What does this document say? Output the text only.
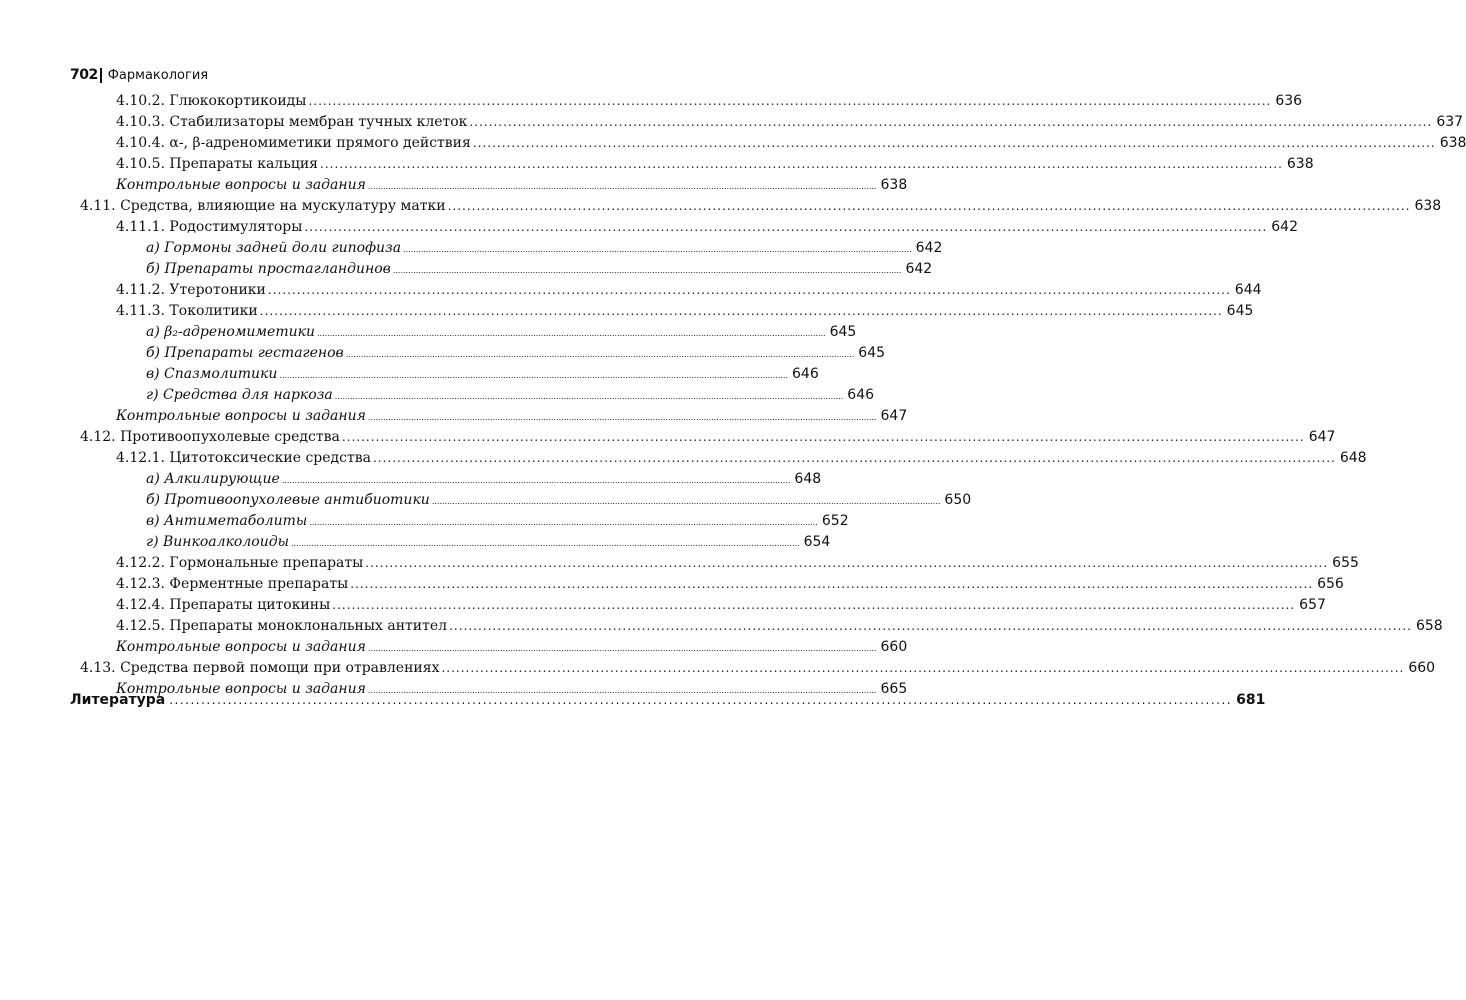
702 Фармакология
4.10.2. Глюкокортикоиды ........................................................................................................................................................................................................ 636
4.10.3. Стабилизаторы мембран тучных клеток ........................................................................................................................................................................................................ 637
4.10.4. α-, β-адреномиметики прямого действия ........................................................................................................................................................................................................ 638
4.10.5. Препараты кальция ........................................................................................................................................................................................................ 638
Контрольные вопросы и задания ........................................................................................................................................................................................................ 638
4.11. Средства, влияющие на мускулатуру матки ........................................................................................................................................................................................................ 638
4.11.1. Родостимуляторы ........................................................................................................................................................................................................ 642
а) Гормоны задней доли гипофиза ........................................................................................................................................................................................................ 642
б) Препараты простагландинов ........................................................................................................................................................................................................ 642
4.11.2. Утеротоники ........................................................................................................................................................................................................ 644
4.11.3. Токолитики ........................................................................................................................................................................................................ 645
а) β₂-адреномиметики ........................................................................................................................................................................................................ 645
б) Препараты гестагенов ........................................................................................................................................................................................................ 645
в) Спазмолитики ........................................................................................................................................................................................................ 646
г) Средства для наркоза ........................................................................................................................................................................................................ 646
Контрольные вопросы и задания ........................................................................................................................................................................................................ 647
4.12. Противоопухолевые средства ........................................................................................................................................................................................................ 647
4.12.1. Цитотоксические средства ........................................................................................................................................................................................................ 648
а) Алкилирующие ........................................................................................................................................................................................................ 648
б) Противоопухолевые антибиотики ........................................................................................................................................................................................................ 650
в) Антиметаболиты ........................................................................................................................................................................................................ 652
г) Винкоалколоиды ........................................................................................................................................................................................................ 654
4.12.2. Гормональные препараты ........................................................................................................................................................................................................ 655
4.12.3. Ферментные препараты ........................................................................................................................................................................................................ 656
4.12.4. Препараты цитокины ........................................................................................................................................................................................................ 657
4.12.5. Препараты моноклональных антител ........................................................................................................................................................................................................ 658
Контрольные вопросы и задания ........................................................................................................................................................................................................ 660
4.13. Средства первой помощи при отравлениях ........................................................................................................................................................................................................ 660
Контрольные вопросы и задания ........................................................................................................................................................................................................ 665
Литература ........................................................................................................................................................................................................ 681
